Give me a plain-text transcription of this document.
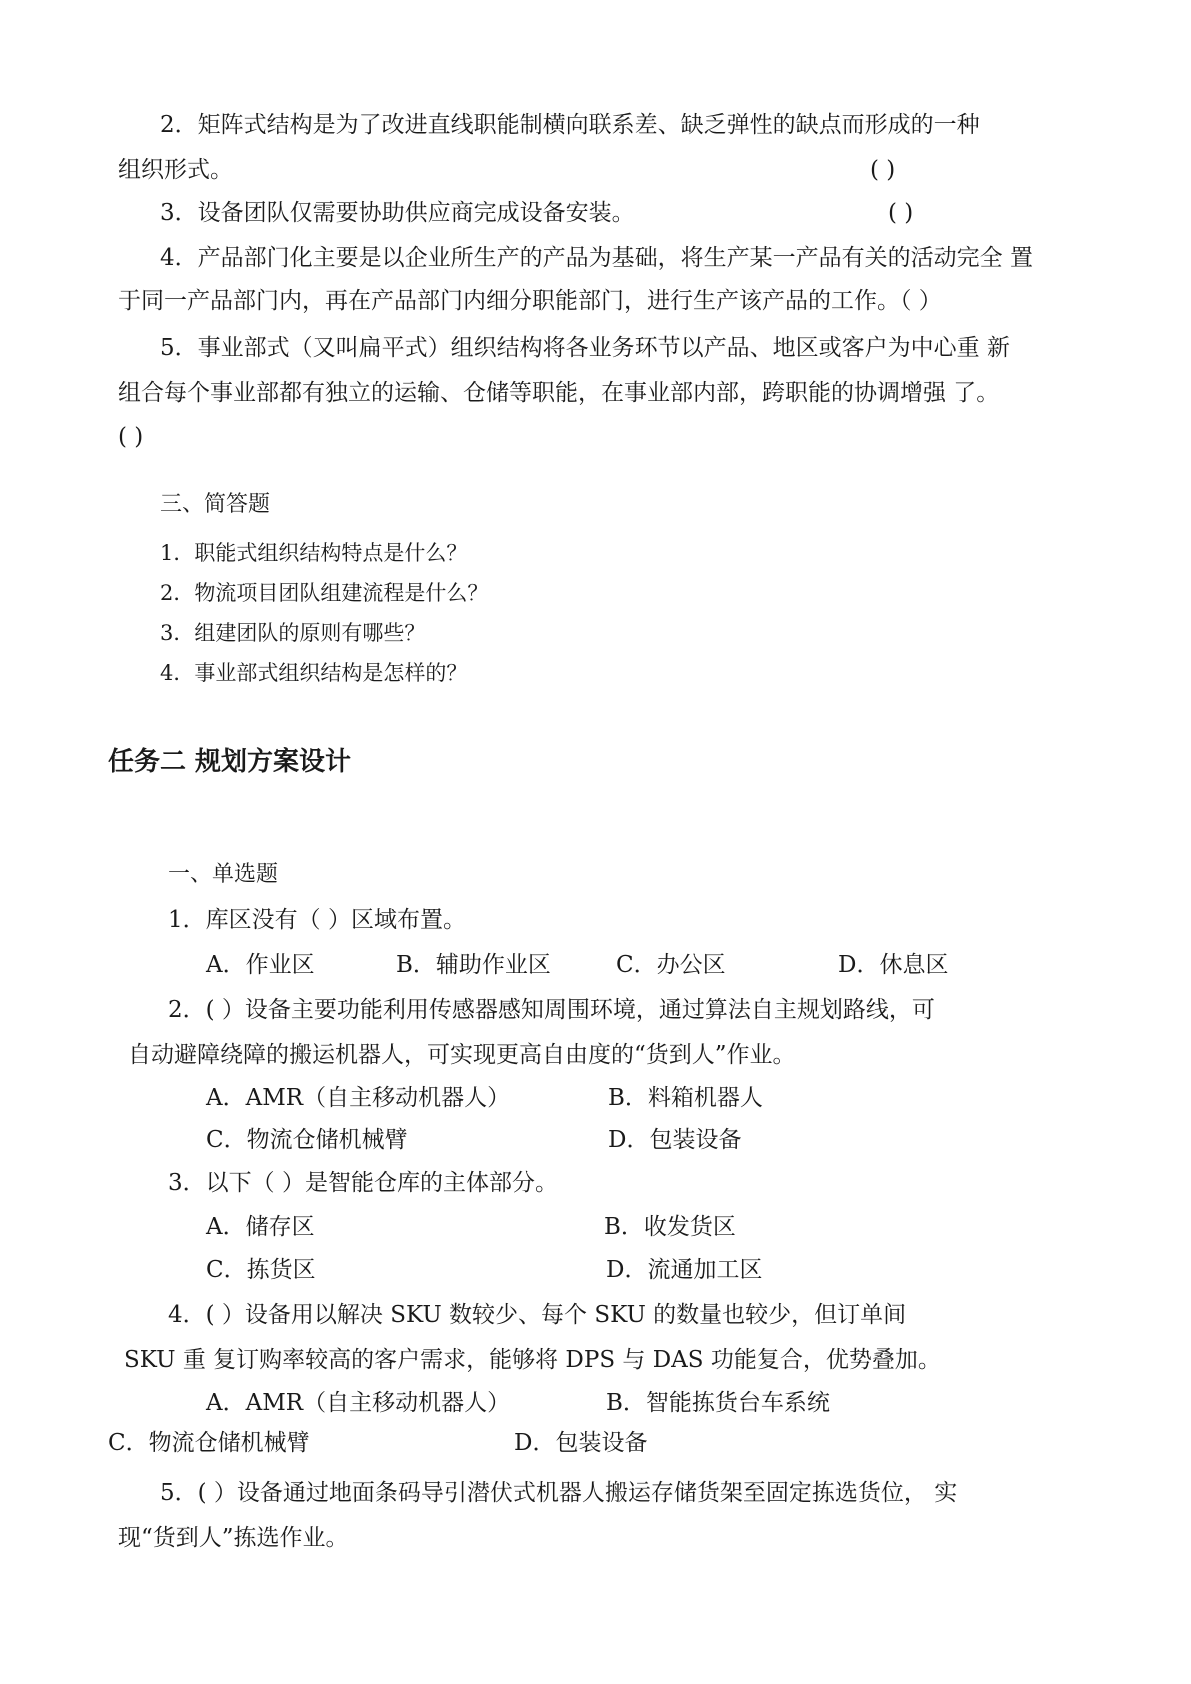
2．矩阵式结构是为了改进直线职能制横向联系差、缺乏弹性的缺点而形成的一种
组织形式。	( )
3．设备团队仅需要协助供应商完成设备安装。	( )
4．产品部门化主要是以企业所生产的产品为基础，将生产某一产品有关的活动完全 置
于同一产品部门内，再在产品部门内细分职能部门，进行生产该产品的工作。（ ）
5．事业部式（又叫扁平式）组织结构将各业务环节以产品、地区或客户为中心重 新
组合每个事业部都有独立的运输、仓储等职能，在事业部内部，跨职能的协调增强 了。
( )
三、简答题
1．职能式组织结构特点是什么？
2．物流项目团队组建流程是什么？
3．组建团队的原则有哪些？
4．事业部式组织结构是怎样的？
任务二 规划方案设计
一、单选题
1．库区没有（ ）区域布置。
A．作业区	B．辅助作业区	C．办公区	D．休息区
2．( ）设备主要功能利用传感器感知周围环境，通过算法自主规划路线，可
自动避障绕障的搬运机器人，可实现更高自由度的“货到人”作业。
A．AMR（自主移动机器人）	B．料箱机器人
C．物流仓储机械臂	D．包装设备
3．以下（ ）是智能仓库的主体部分。
A．储存区	B．收发货区
C．拣货区	D．流通加工区
4．( ）设备用以解决 SKU 数较少、每个 SKU 的数量也较少，但订单间
SKU 重 复订购率较高的客户需求，能够将 DPS 与 DAS 功能复合，优势叠加。
A．AMR（自主移动机器人）	B．智能拣货台车系统
C．物流仓储机械臂	D．包装设备
5．( ）设备通过地面条码导引潜伏式机器人搬运存储货架至固定拣选货位， 实
现“货到人”拣选作业。
